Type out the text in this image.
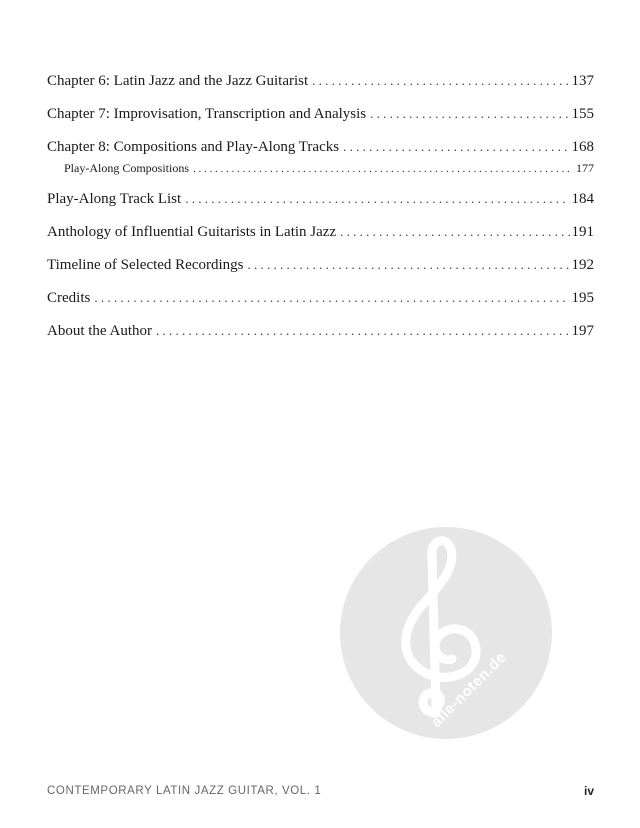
Chapter 6: Latin Jazz and the Jazz Guitarist . . .	137
Chapter 7: Improvisation, Transcription and Analysis . . .	155
Chapter 8: Compositions and Play-Along Tracks . . .	168
Play-Along Compositions . . .	177
Play-Along Track List . . .	184
Anthology of Influential Guitarists in Latin Jazz . . .	191
Timeline of Selected Recordings . . .	192
Credits . . .	195
About the Author . . .	197
alle-noten.de
CONTEMPORARY LATIN JAZZ GUITAR, VOL. 1	iv
